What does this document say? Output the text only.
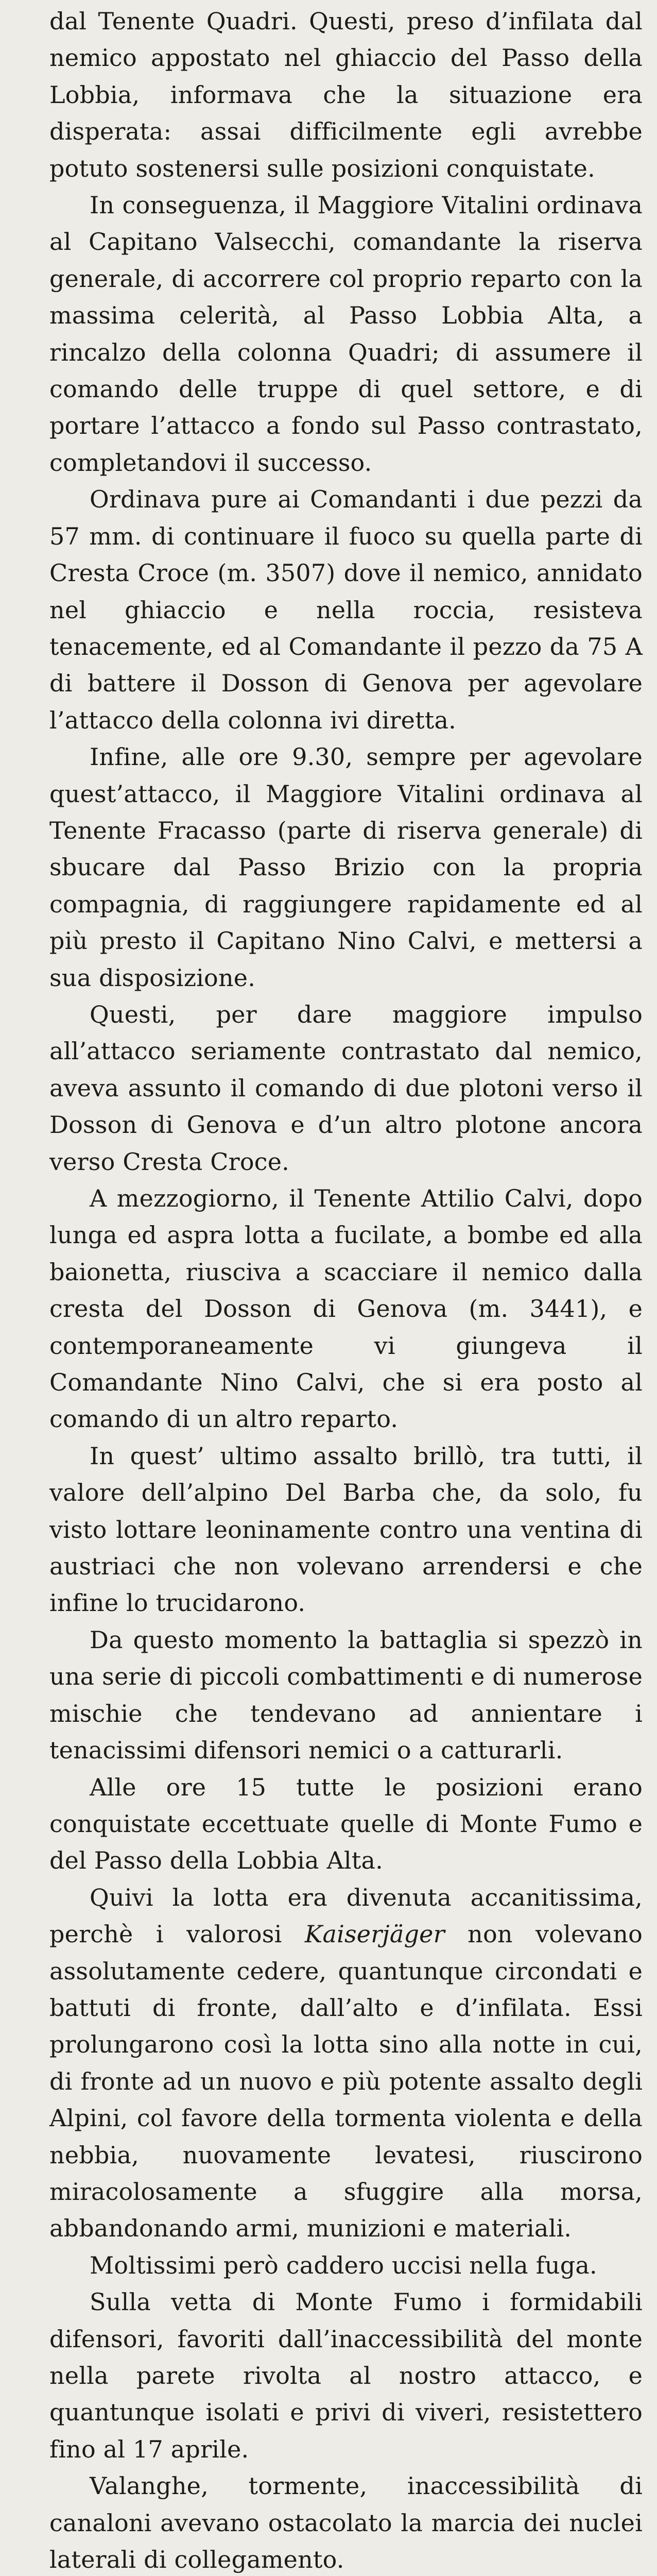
dal Tenente Quadri. Questi, preso d’infilata dal nemico appostato nel ghiaccio del Passo della Lobbia, informava che la situazione era disperata: assai difficilmente egli avrebbe potuto sostenersi sulle posizioni conquistate.

In conseguenza, il Maggiore Vitalini ordinava al Capitano Valsecchi, comandante la riserva generale, di accorrere col proprio reparto con la massima celerità, al Passo Lobbia Alta, a rincalzo della colonna Quadri; di assumere il comando delle truppe di quel settore, e di portare l’attacco a fondo sul Passo contrastato, completandovi il successo.

Ordinava pure ai Comandanti i due pezzi da 57 mm. di continuare il fuoco su quella parte di Cresta Croce (m. 3507) dove il nemico, annidato nel ghiaccio e nella roccia, resisteva tenacemente, ed al Comandante il pezzo da 75 A di battere il Dosson di Genova per agevolare l’attacco della colonna ivi diretta.

Infine, alle ore 9.30, sempre per agevolare quest’attacco, il Maggiore Vitalini ordinava al Tenente Fracasso (parte di riserva generale) di sbucare dal Passo Brizio con la propria compagnia, di raggiungere rapidamente ed al più presto il Capitano Nino Calvi, e mettersi a sua disposizione.

Questi, per dare maggiore impulso all’attacco seriamente contrastato dal nemico, aveva assunto il comando di due plotoni verso il Dosson di Genova e d’un altro plotone ancora verso Cresta Croce.

A mezzogiorno, il Tenente Attilio Calvi, dopo lunga ed aspra lotta a fucilate, a bombe ed alla baionetta, riusciva a scacciare il nemico dalla cresta del Dosson di Genova (m. 3441), e contemporaneamente vi giungeva il Comandante Nino Calvi, che si era posto al comando di un altro reparto.

In quest’ ultimo assalto brillò, tra tutti, il valore dell’alpino Del Barba che, da solo, fu visto lottare leoninamente contro una ventina di austriaci che non volevano arrendersi e che infine lo trucidarono.

Da questo momento la battaglia si spezzò in una serie di piccoli combattimenti e di numerose mischie che tendevano ad annientare i tenacissimi difensori nemici o a catturarli.

Alle ore 15 tutte le posizioni erano conquistate eccettuate quelle di Monte Fumo e del Passo della Lobbia Alta.

Quivi la lotta era divenuta accanitissima, perchè i valorosi Kaiserjäger non volevano assolutamente cedere, quantunque circondati e battuti di fronte, dall’alto e d’infilata. Essi prolungarono così la lotta sino alla notte in cui, di fronte ad un nuovo e più potente assalto degli Alpini, col favore della tormenta violenta e della nebbia, nuovamente levatesi, riuscirono miracolosamente a sfuggire alla morsa, abbandonando armi, munizioni e materiali.

Moltissimi però caddero uccisi nella fuga.

Sulla vetta di Monte Fumo i formidabili difensori, favoriti dall’inaccessibilità del monte nella parete rivolta al nostro attacco, e quantunque isolati e privi di viveri, resistettero fino al 17 aprile.

Valanghe, tormente, inaccessibilità di canaloni avevano ostacolato la marcia dei nuclei laterali di collegamento.
